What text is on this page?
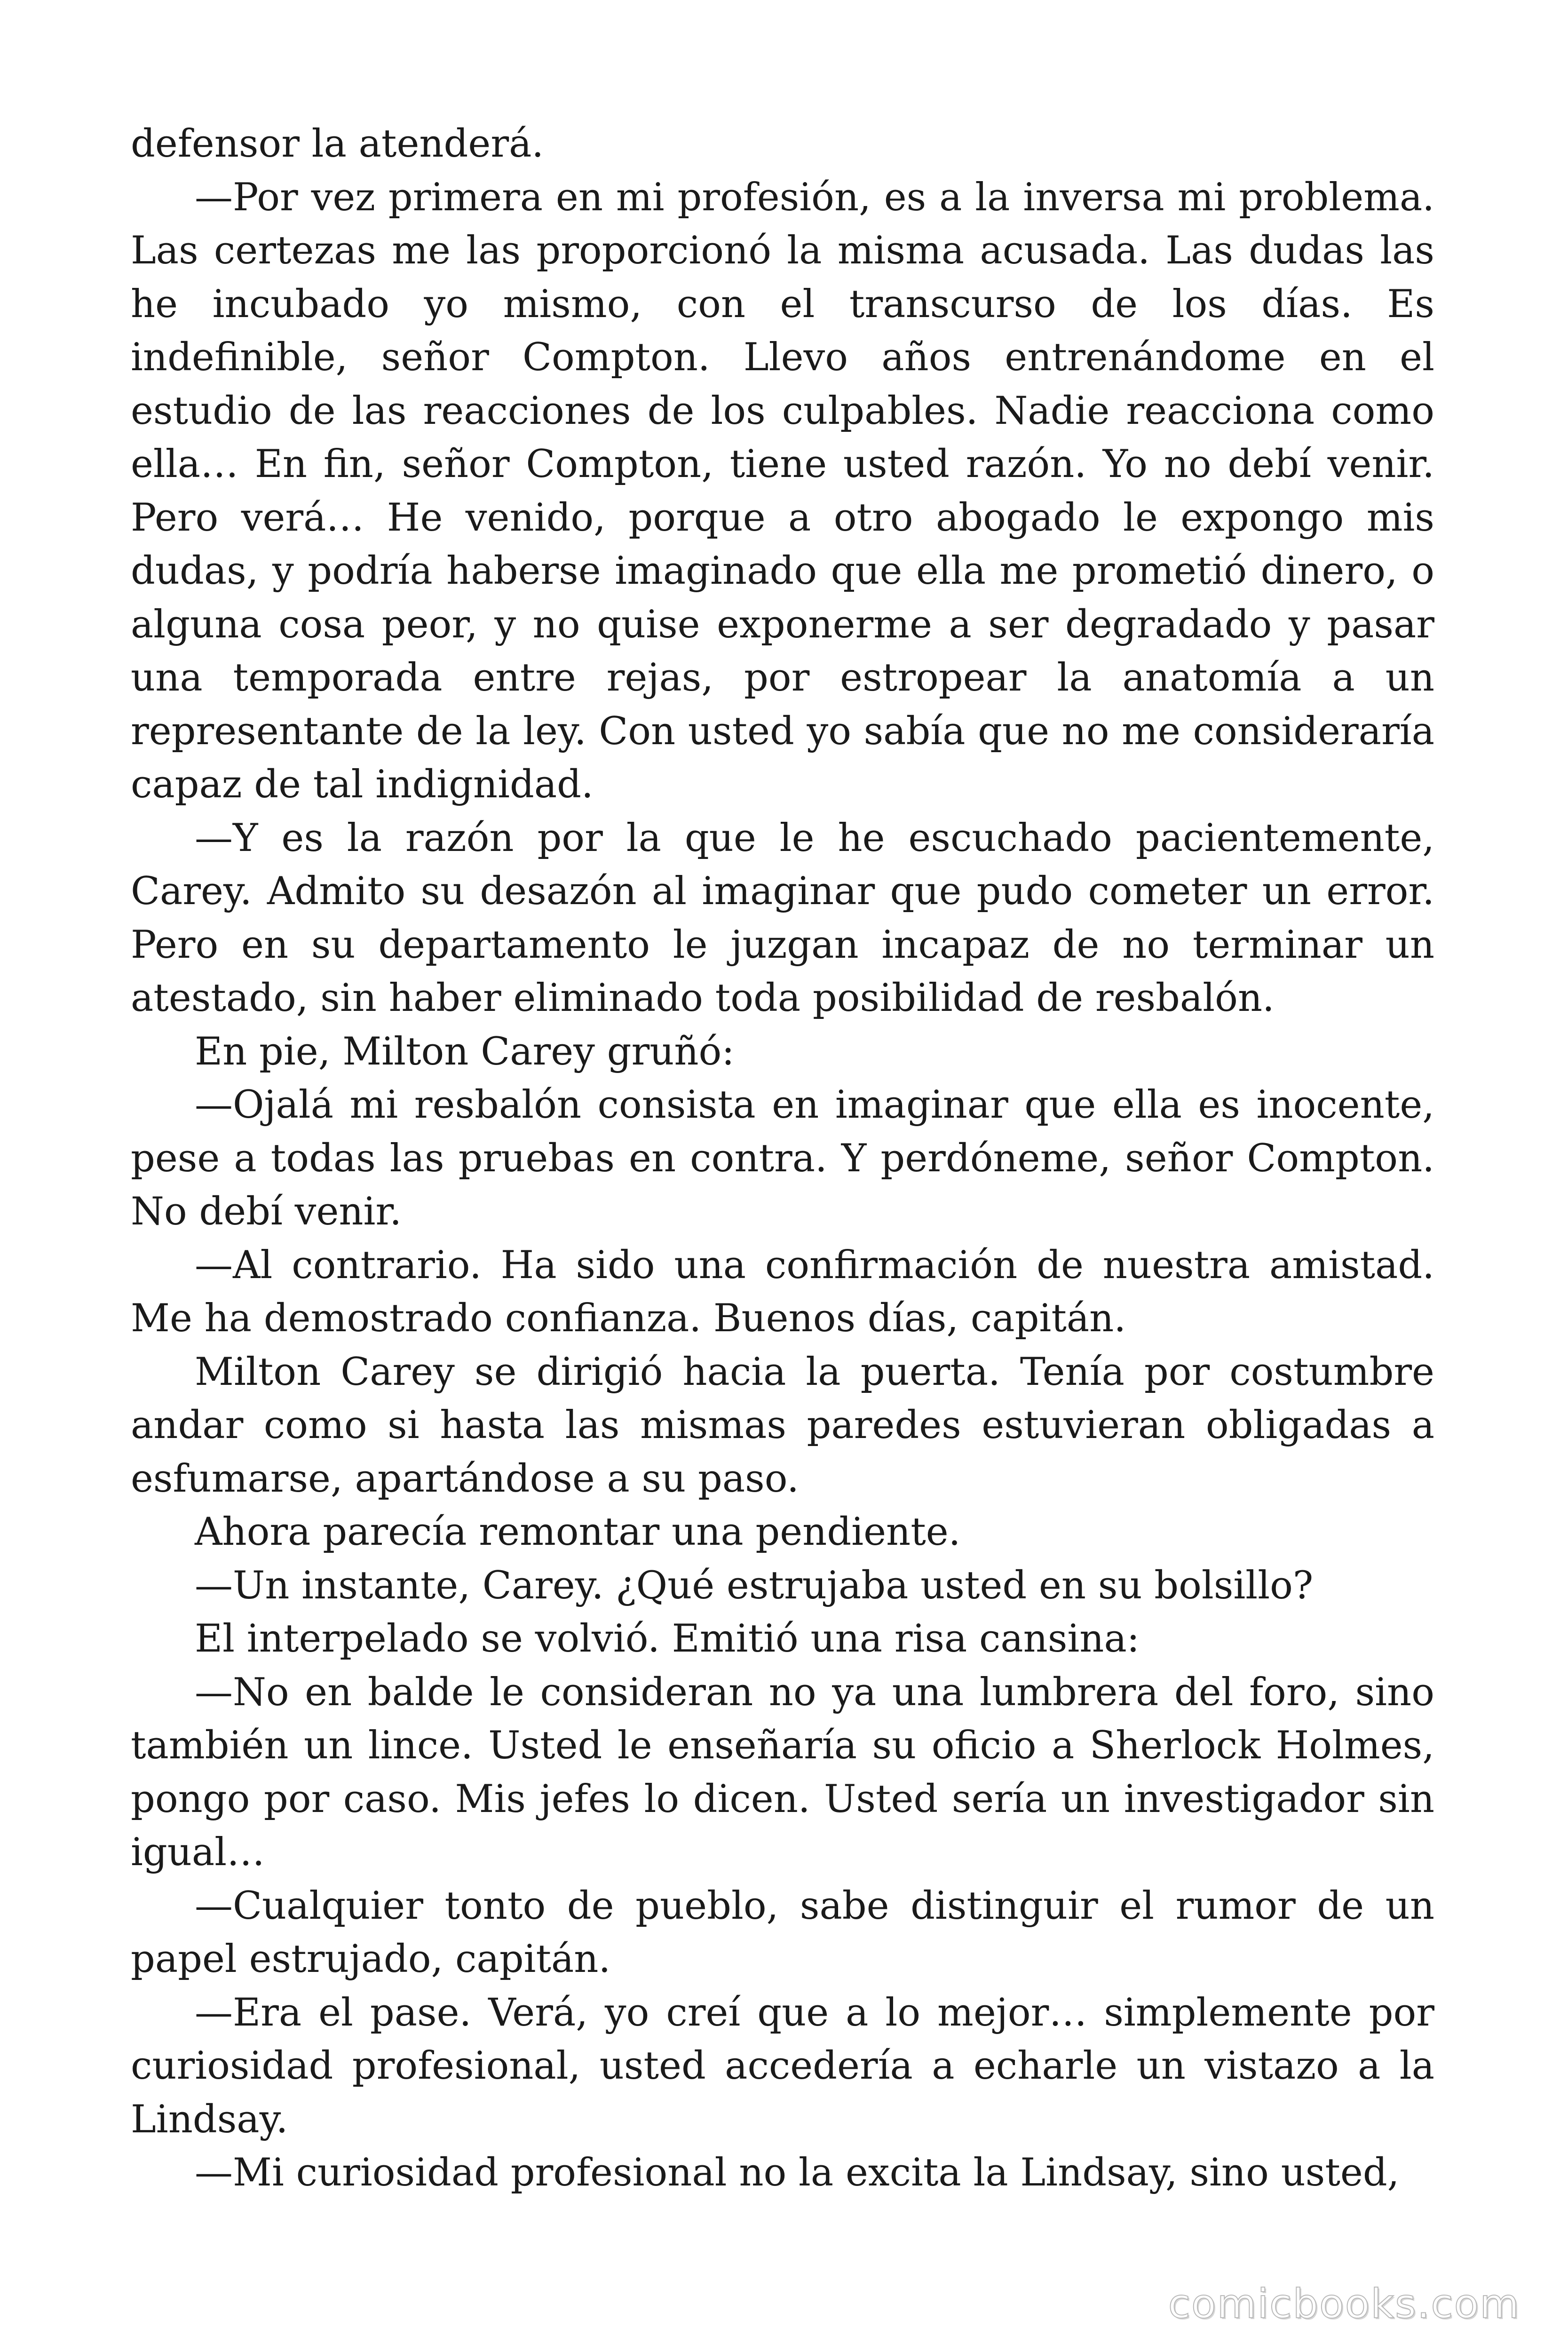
defensor la atenderá.

—Por vez primera en mi profesión, es a la inversa mi problema. Las certezas me las proporcionó la misma acusada. Las dudas las he incubado yo mismo, con el transcurso de los días. Es indefinible, señor Compton. Llevo años entrenándome en el estudio de las reacciones de los culpables. Nadie reacciona como ella… En fin, señor Compton, tiene usted razón. Yo no debí venir. Pero verá… He venido, porque a otro abogado le expongo mis dudas, y podría haberse imaginado que ella me prometió dinero, o alguna cosa peor, y no quise exponerme a ser degradado y pasar una temporada entre rejas, por estropear la anatomía a un representante de la ley. Con usted yo sabía que no me consideraría capaz de tal indignidad.

—Y es la razón por la que le he escuchado pacientemente, Carey. Admito su desazón al imaginar que pudo cometer un error. Pero en su departamento le juzgan incapaz de no terminar un atestado, sin haber eliminado toda posibilidad de resbalón.

En pie, Milton Carey gruñó:

—Ojalá mi resbalón consista en imaginar que ella es inocente, pese a todas las pruebas en contra. Y perdóneme, señor Compton. No debí venir.

—Al contrario. Ha sido una confirmación de nuestra amistad. Me ha demostrado confianza. Buenos días, capitán.

Milton Carey se dirigió hacia la puerta. Tenía por costumbre andar como si hasta las mismas paredes estuvieran obligadas a esfumarse, apartándose a su paso.

Ahora parecía remontar una pendiente.

—Un instante, Carey. ¿Qué estrujaba usted en su bolsillo?

El interpelado se volvió. Emitió una risa cansina:

—No en balde le consideran no ya una lumbrera del foro, sino también un lince. Usted le enseñaría su oficio a Sherlock Holmes, pongo por caso. Mis jefes lo dicen. Usted sería un investigador sin igual…

—Cualquier tonto de pueblo, sabe distinguir el rumor de un papel estrujado, capitán.

—Era el pase. Verá, yo creí que a lo mejor… simplemente por curiosidad profesional, usted accedería a echarle un vistazo a la Lindsay.

—Mi curiosidad profesional no la excita la Lindsay, sino usted,

comicbooks.com
